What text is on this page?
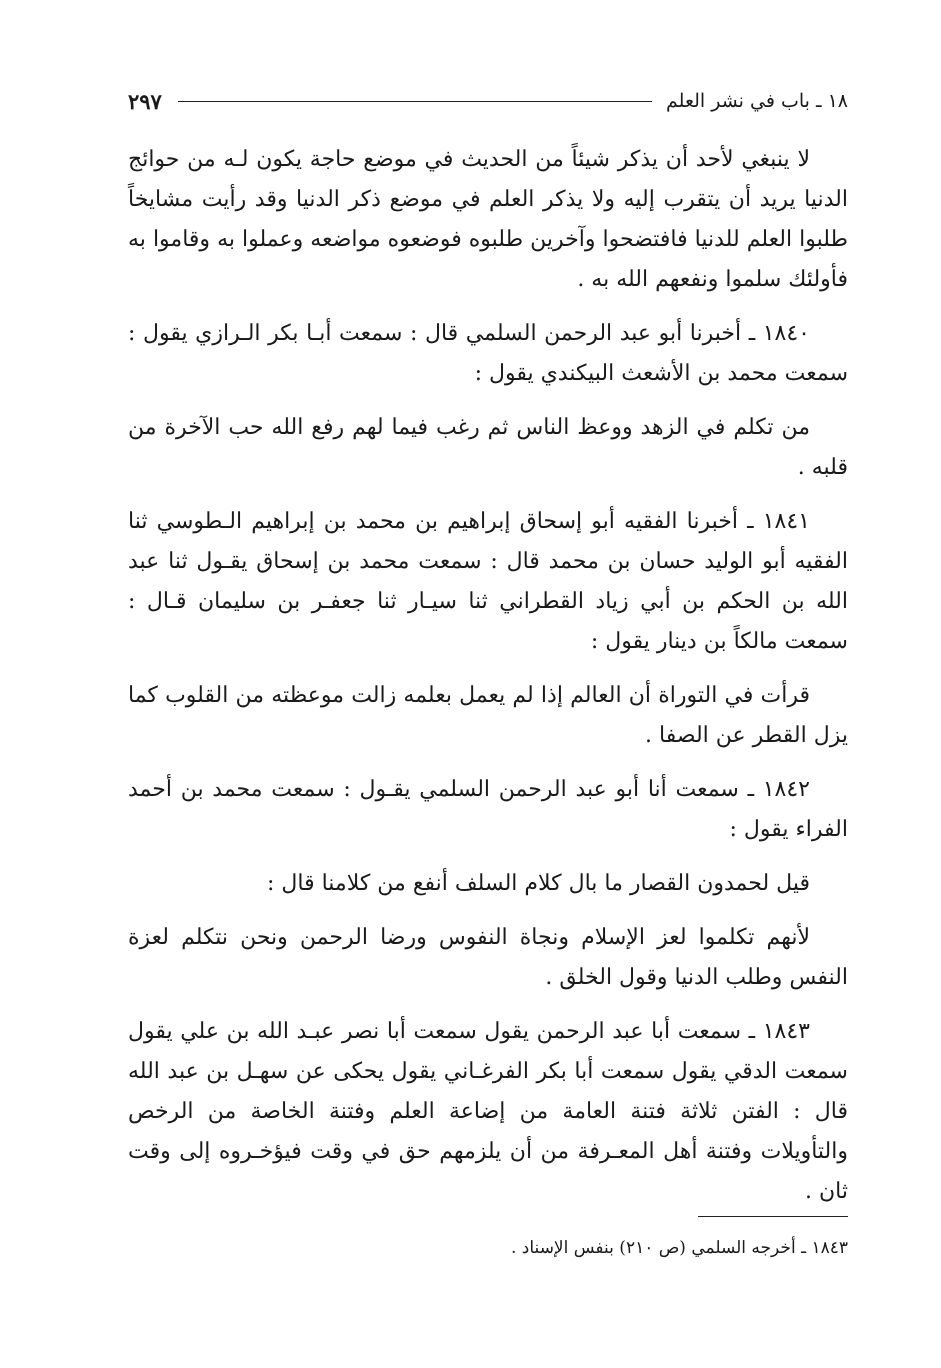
١٨ ـ باب في نشر العلم
٢٩٧

لا ينبغي لأحد أن يذكر شيئاً من الحديث في موضع حاجة يكون لـه من حوائج الدنيا يريد أن يتقرب إليه ولا يذكر العلم في موضع ذكر الدنيا وقد رأيت مشايخاً طلبوا العلم للدنيا فافتضحوا وآخرين طلبوه فوضعوه مواضعه وعملوا به وقاموا به فأولئك سلموا ونفعهم الله به .

١٨٤٠ ـ أخبرنا أبو عبد الرحمن السلمي قال : سمعت أبـا بكر الـرازي يقول : سمعت محمد بن الأشعث البيكندي يقول :

من تكلم في الزهد ووعظ الناس ثم رغب فيما لهم رفع الله حب الآخرة من قلبه .

١٨٤١ ـ أخبرنا الفقيه أبو إسحاق إبراهيم بن محمد بن إبراهيم الـطوسي ثنا الفقيه أبو الوليد حسان بن محمد قال : سمعت محمد بن إسحاق يقـول ثنا عبد الله بن الحكم بن أبي زياد القطراني ثنا سيـار ثنا جعفـر بن سليمان قـال : سمعت مالكاً بن دينار يقول :

قرأت في التوراة أن العالم إذا لم يعمل بعلمه زالت موعظته من القلوب كما يزل القطر عن الصفا .

١٨٤٢ ـ سمعت أنا أبو عبد الرحمن السلمي يقـول : سمعت محمد بن أحمد الفراء يقول :

قيل لحمدون القصار ما بال كلام السلف أنفع من كلامنا قال :

لأنهم تكلموا لعز الإسلام ونجاة النفوس ورضا الرحمن ونحن نتكلم لعزة النفس وطلب الدنيا وقول الخلق .

١٨٤٣ ـ سمعت أبا عبد الرحمن يقول سمعت أبا نصر عبـد الله بن علي يقول سمعت الدقي يقول سمعت أبا بكر الفرغـاني يقول يحكى عن سهـل بن عبد الله قال : الفتن ثلاثة فتنة العامة من إضاعة العلم وفتنة الخاصة من الرخص والتأويلات وفتنة أهل المعـرفة من أن يلزمهم حق في وقت فيؤخـروه إلى وقت ثان .

١٨٤٣ ـ أخرجه السلمي (ص ٢١٠) بنفس الإسناد .
